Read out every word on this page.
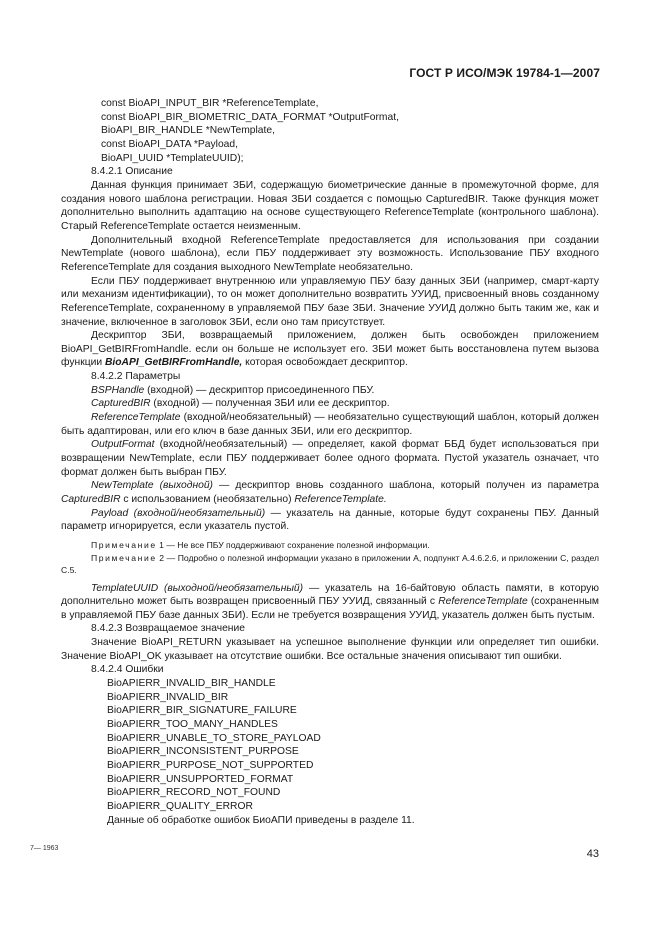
ГОСТ Р ИСО/МЭК 19784-1—2007

const BioAPI_INPUT_BIR *ReferenceTemplate,

const BioAPI_BIR_BIOMETRIC_DATA_FORMAT *OutputFormat,

BioAPI_BIR_HANDLE *NewTemplate,

const BioAPI_DATA *Payload,

BioAPI_UUID *TemplateUUID);

8.4.2.1 Описание

Данная функция принимает ЗБИ, содержащую биометрические данные в промежуточной форме, для создания нового шаблона регистрации. Новая ЗБИ создается с помощью CapturedBIR. Также функция может дополнительно выполнить адаптацию на основе существующего ReferenceTemplate (контрольного шаблона). Старый ReferenceTemplate остается неизменным.

Дополнительный входной ReferenceTemplate предоставляется для использования при создании NewTemplate (нового шаблона), если ПБУ поддерживает эту возможность. Использование ПБУ входного ReferenceTemplate для создания выходного NewTemplate необязательно.

Если ПБУ поддерживает внутреннюю или управляемую ПБУ базу данных ЗБИ (например, смарт-карту или механизм идентификации), то он может дополнительно возвратить УУИД, присвоенный вновь созданному ReferenceTemplate, сохраненному в управляемой ПБУ базе ЗБИ. Значение УУИД должно быть таким же, как и значение, включенное в заголовок ЗБИ, если оно там присутствует.

Дескриптор ЗБИ, возвращаемый приложением, должен быть освобожден приложением BioAPI_GetBIRFromHandle. если он больше не использует его. ЗБИ может быть восстановлена путем вызова функции BioAPI_GetBIRFromHandle, которая освобождает дескриптор.

8.4.2.2 Параметры

BSPHandle (входной) — дескриптор присоединенного ПБУ.

CapturedBIR (входной) — полученная ЗБИ или ее дескриптор.

ReferenceTemplate (входной/необязательный) — необязательно существующий шаблон, который должен быть адаптирован, или его ключ в базе данных ЗБИ, или его дескриптор.

OutputFormat (входной/необязательный) — определяет, какой формат ББД будет использоваться при возвращении NewTemplate, если ПБУ поддерживает более одного формата. Пустой указатель означает, что формат должен быть выбран ПБУ.

NewTemplate (выходной) — дескриптор вновь созданного шаблона, который получен из параметра CapturedBIR с использованием (необязательно) ReferenceTemplate.

Payload (входной/необязательный) — указатель на данные, которые будут сохранены ПБУ. Данный параметр игнорируется, если указатель пустой.

Примечание 1 — Не все ПБУ поддерживают сохранение полезной информации.

Примечание 2 — Подробно о полезной информации указано в приложении А, подпункт А.4.6.2.6, и приложении С, раздел С.5.

TemplateUUID (выходной/необязательный) — указатель на 16-байтовую область памяти, в которую дополнительно может быть возвращен присвоенный ПБУ УУИД, связанный с ReferenceTemplate (сохраненным в управляемой ПБУ базе данных ЗБИ). Если не требуется возвращения УУИД, указатель должен быть пустым.

8.4.2.3 Возвращаемое значение

Значение BioAPI_RETURN указывает на успешное выполнение функции или определяет тип ошибки. Значение BioAPI_OK указывает на отсутствие ошибки. Все остальные значения описывают тип ошибки.

8.4.2.4 Ошибки

BioAPIERR_INVALID_BIR_HANDLE

BioAPIERR_INVALID_BIR

BioAPIERR_BIR_SIGNATURE_FAILURE

BioAPIERR_TOO_MANY_HANDLES

BioAPIERR_UNABLE_TO_STORE_PAYLOAD

BioAPIERR_INCONSISTENT_PURPOSE

BioAPIERR_PURPOSE_NOT_SUPPORTED

BioAPIERR_UNSUPPORTED_FORMAT

BioAPIERR_RECORD_NOT_FOUND

BioAPIERR_QUALITY_ERROR

Данные об обработке ошибок БиоАПИ приведены в разделе 11.

7— 1963	43
